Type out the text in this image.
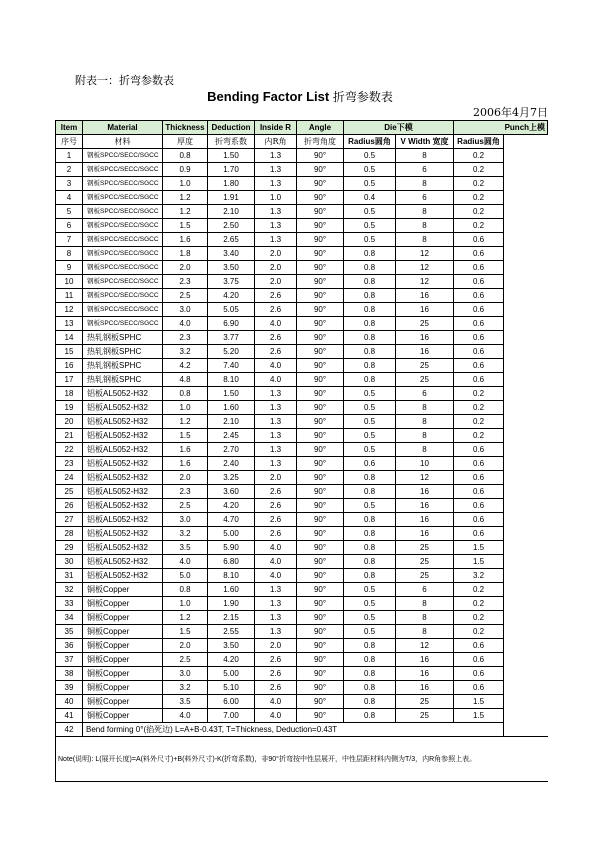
附表一：折弯参数表
Bending Factor List 折弯参数表
2006年4月7日
Item	Material	Thickness	Deduction	Inside R	Angle	Die下模		Punch上模	
序号	材料	厚度	折弯系数	内R角	折弯角度	Radius圆角	V Width 宽度	Radius圆角	
1	钢板SPCC/SECC/SGCC	0.8	1.50	1.3	90°	0.5	8	0.2	
2	钢板SPCC/SECC/SGCC	0.9	1.70	1.3	90°	0.5	6	0.2	
3	钢板SPCC/SECC/SGCC	1.0	1.80	1.3	90°	0.5	8	0.2	
4	钢板SPCC/SECC/SGCC	1.2	1.91	1.0	90°	0.4	6	0.2	
5	钢板SPCC/SECC/SGCC	1.2	2.10	1.3	90°	0.5	8	0.2	
6	钢板SPCC/SECC/SGCC	1.5	2.50	1.3	90°	0.5	8	0.2	
7	钢板SPCC/SECC/SGCC	1.6	2.65	1.3	90°	0.5	8	0.6	
8	钢板SPCC/SECC/SGCC	1.8	3.40	2.0	90°	0.8	12	0.6	
9	钢板SPCC/SECC/SGCC	2.0	3.50	2.0	90°	0.8	12	0.6	
10	钢板SPCC/SECC/SGCC	2.3	3.75	2.0	90°	0.8	12	0.6	
11	钢板SPCC/SECC/SGCC	2.5	4.20	2.6	90°	0.8	16	0.6	
12	钢板SPCC/SECC/SGCC	3.0	5.05	2.6	90°	0.8	16	0.6	
13	钢板SPCC/SECC/SGCC	4.0	6.90	4.0	90°	0.8	25	0.6	
14	热轧钢板SPHC	2.3	3.77	2.6	90°	0.8	16	0.6	
15	热轧钢板SPHC	3.2	5.20	2.6	90°	0.8	16	0.6	
16	热轧钢板SPHC	4.2	7.40	4.0	90°	0.8	25	0.6	
17	热轧钢板SPHC	4.8	8.10	4.0	90°	0.8	25	0.6	
18	铝板AL5052-H32	0.8	1.50	1.3	90°	0.5	6	0.2	
19	铝板AL5052-H32	1.0	1.60	1.3	90°	0.5	8	0.2	
20	铝板AL5052-H32	1.2	2.10	1.3	90°	0.5	8	0.2	
21	铝板AL5052-H32	1.5	2.45	1.3	90°	0.5	8	0.2	
22	铝板AL5052-H32	1.6	2.70	1.3	90°	0.5	8	0.6	
23	铝板AL5052-H32	1.6	2.40	1.3	90°	0.6	10	0.6	
24	铝板AL5052-H32	2.0	3.25	2.0	90°	0.8	12	0.6	
25	铝板AL5052-H32	2.3	3.60	2.6	90°	0.8	16	0.6	
26	铝板AL5052-H32	2.5	4.20	2.6	90°	0.5	16	0.6	
27	铝板AL5052-H32	3.0	4.70	2.6	90°	0.8	16	0.6	
28	铝板AL5052-H32	3.2	5.00	2.6	90°	0.8	16	0.6	
29	铝板AL5052-H32	3.5	5.90	4.0	90°	0.8	25	1.5	
30	铝板AL5052-H32	4.0	6.80	4.0	90°	0.8	25	1.5	
31	铝板AL5052-H32	5.0	8.10	4.0	90°	0.8	25	3.2	
32	铜板Copper	0.8	1.60	1.3	90°	0.5	6	0.2	
33	铜板Copper	1.0	1.90	1.3	90°	0.5	8	0.2	
34	铜板Copper	1.2	2.15	1.3	90°	0.5	8	0.2	
35	铜板Copper	1.5	2.55	1.3	90°	0.5	8	0.2	
36	铜板Copper	2.0	3.50	2.0	90°	0.8	12	0.6	
37	铜板Copper	2.5	4.20	2.6	90°	0.8	16	0.6	
38	铜板Copper	3.0	5.00	2.6	90°	0.8	16	0.6	
39	铜板Copper	3.2	5.10	2.6	90°	0.8	16	0.6	
40	铜板Copper	3.5	6.00	4.0	90°	0.8	25	1.5	
41	铜板Copper	4.0	7.00	4.0	90°	0.8	25	1.5	
42	Bend forming 0°(掐死边) L=A+B-0.43T, T=Thickness, Deduction=0.43T								
Note(说明): L(展开长度)=A(料外尺寸)+B(料外尺寸)-K(折弯系数)，非90°折弯按中性层展开，中性层距材料内侧为T/3，内R角参照上表。									
